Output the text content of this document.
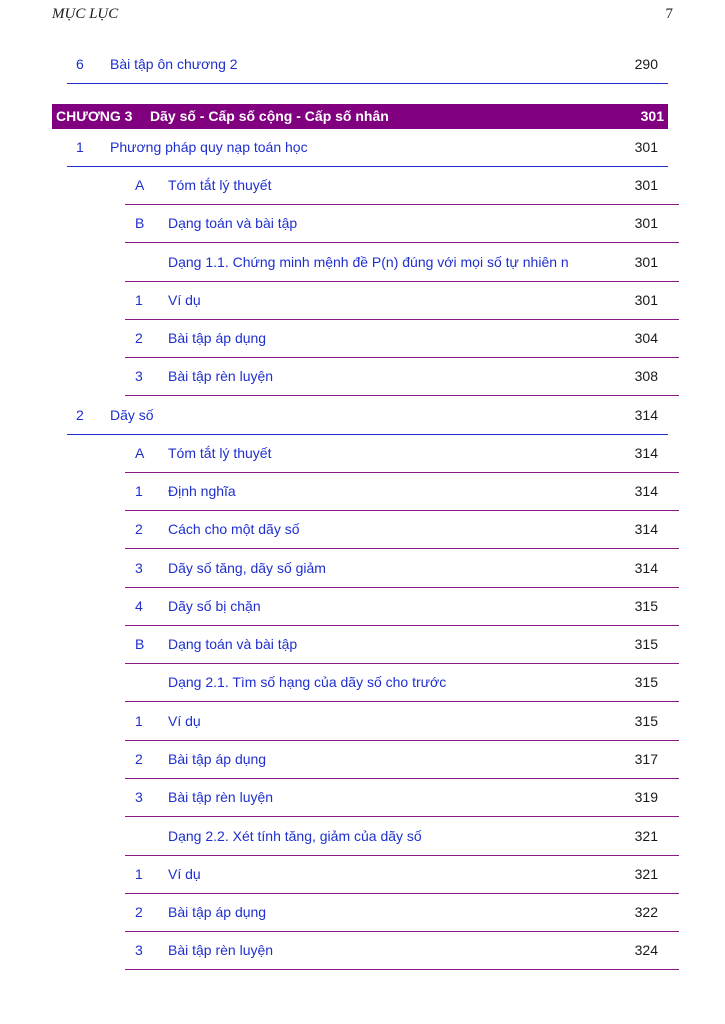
MỤC LỤC	7
6 Bài tập ôn chương 2	290
CHƯƠNG 3 Dãy số - Cấp số cộng - Cấp số nhân	301
1 Phương pháp quy nạp toán học	301
A Tóm tắt lý thuyết	301
B Dạng toán và bài tập	301
Dạng 1.1. Chứng minh mệnh đề P(n) đúng với mọi số tự nhiên n	301
1 Ví dụ	301
2 Bài tập áp dụng	304
3 Bài tập rèn luyện	308
2 Dãy số	314
A Tóm tắt lý thuyết	314
1 Định nghĩa	314
2 Cách cho một dãy số	314
3 Dãy số tăng, dãy số giảm	314
4 Dãy số bị chặn	315
B Dạng toán và bài tập	315
Dạng 2.1. Tìm số hạng của dãy số cho trước	315
1 Ví dụ	315
2 Bài tập áp dụng	317
3 Bài tập rèn luyện	319
Dạng 2.2. Xét tính tăng, giảm của dãy số	321
1 Ví dụ	321
2 Bài tập áp dụng	322
3 Bài tập rèn luyện	324
